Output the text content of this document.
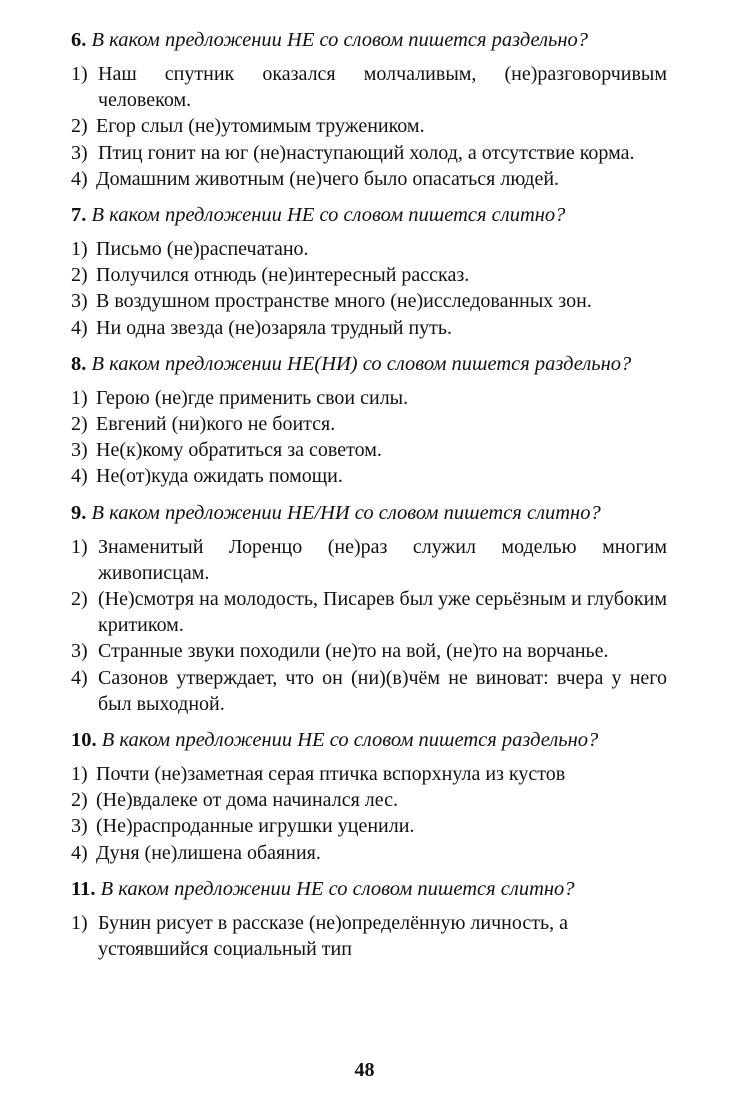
6. В каком предложении НЕ со словом пишется раздельно?

1) Наш спутник оказался молчаливым, (не)разговорчивым человеком.
2) Егор слыл (не)утомимым тружеником.
3) Птиц гонит на юг (не)наступающий холод, а отсутствие корма.
4) Домашним животным (не)чего было опасаться людей.

7. В каком предложении НЕ со словом пишется слитно?

1) Письмо (не)распечатано.
2) Получился отнюдь (не)интересный рассказ.
3) В воздушном пространстве много (не)исследованных зон.
4) Ни одна звезда (не)озаряла трудный путь.

8. В каком предложении НЕ(НИ) со словом пишется раздельно?

1) Герою (не)где применить свои силы.
2) Евгений (ни)кого не боится.
3) Не(к)кому обратиться за советом.
4) Не(от)куда ожидать помощи.

9. В каком предложении НЕ/НИ со словом пишется слитно?

1) Знаменитый Лоренцо (не)раз служил моделью многим живописцам.
2) (Не)смотря на молодость, Писарев был уже серьёзным и глубоким критиком.
3) Странные звуки походили (не)то на вой, (не)то на ворчанье.
4) Сазонов утверждает, что он (ни)(в)чём не виноват: вчера у него был выходной.

10. В каком предложении НЕ со словом пишется раздельно?

1) Почти (не)заметная серая птичка вспорхнула из кустов
2) (Не)вдалеке от дома начинался лес.
3) (Не)распроданные игрушки уценили.
4) Дуня (не)лишена обаяния.

11. В каком предложении НЕ со словом пишется слитно?

1) Бунин рисует в рассказе (не)определённую личность, а устоявшийся социальный тип
48
